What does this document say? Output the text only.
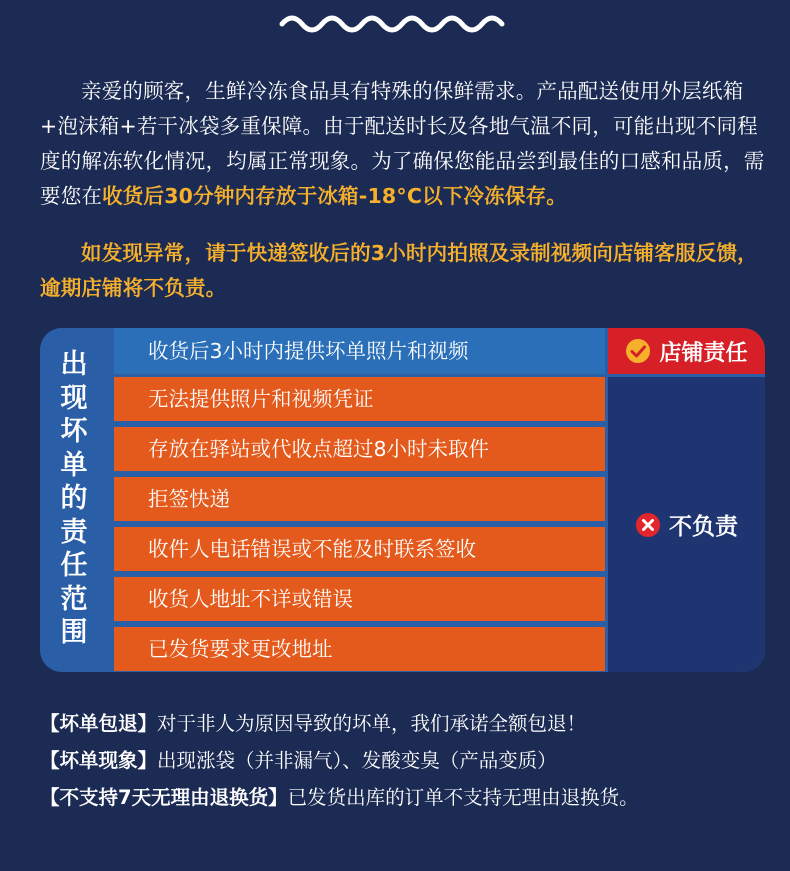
亲爱的顾客，生鲜冷冻食品具有特殊的保鲜需求。产品配送使用外层纸箱+泡沫箱+若干冰袋多重保障。由于配送时长及各地气温不同，可能出现不同程度的解冻软化情况，均属正常现象。为了确保您能品尝到最佳的口感和品质，需要您在收货后30分钟内存放于冰箱-18°C以下冷冻保存。
如发现异常，请于快递签收后的3小时内拍照及录制视频向店铺客服反馈，逾期店铺将不负责。
出
现
坏
单
的
责
任
范
围
收货后3小时内提供坏单照片和视频
无法提供照片和视频凭证
存放在驿站或代收点超过8小时未取件
拒签快递
收件人电话错误或不能及时联系签收
收货人地址不详或错误
已发货要求更改地址
店铺责任
不负责
【坏单包退】对于非人为原因导致的坏单，我们承诺全额包退！
【坏单现象】出现涨袋（并非漏气）、发酸变臭（产品变质）
【不支持7天无理由退换货】已发货出库的订单不支持无理由退换货。
